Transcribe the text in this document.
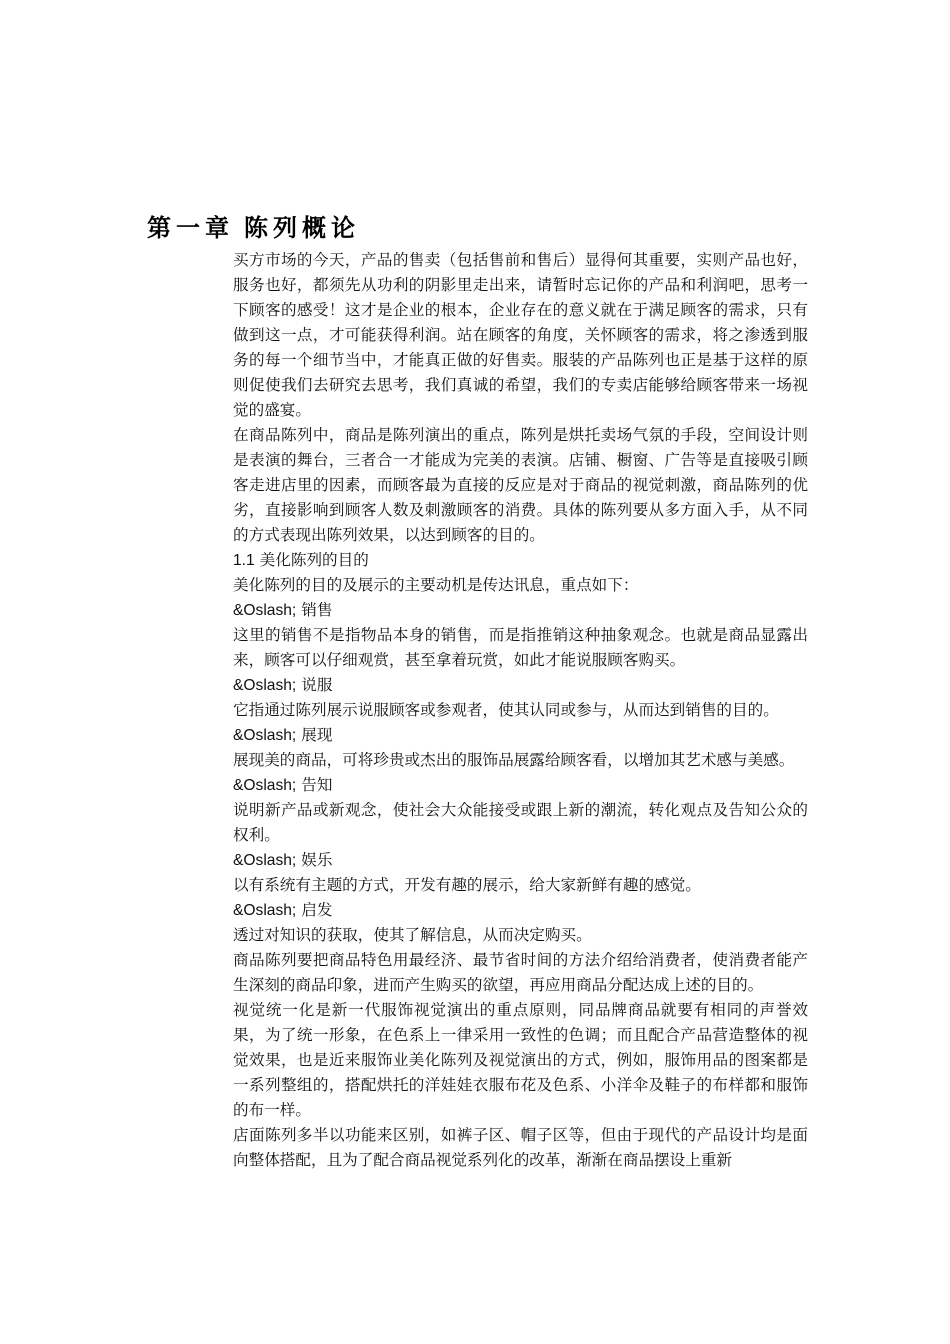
第一章 陈列概论

买方市场的今天，产品的售卖（包括售前和售后）显得何其重要，实则产品也好，服务也好，都须先从功利的阴影里走出来，请暂时忘记你的产品和利润吧，思考一下顾客的感受！这才是企业的根本，企业存在的意义就在于满足顾客的需求，只有做到这一点，才可能获得利润。站在顾客的角度，关怀顾客的需求，将之渗透到服务的每一个细节当中，才能真正做的好售卖。服装的产品陈列也正是基于这样的原则促使我们去研究去思考，我们真诚的希望，我们的专卖店能够给顾客带来一场视觉的盛宴。

在商品陈列中，商品是陈列演出的重点，陈列是烘托卖场气氛的手段，空间设计则是表演的舞台，三者合一才能成为完美的表演。店铺、橱窗、广告等是直接吸引顾客走进店里的因素，而顾客最为直接的反应是对于商品的视觉刺激，商品陈列的优劣，直接影响到顾客人数及刺激顾客的消费。具体的陈列要从多方面入手，从不同的方式表现出陈列效果，以达到顾客的目的。

1.1 美化陈列的目的

美化陈列的目的及展示的主要动机是传达讯息，重点如下：

&Oslash; 销售

这里的销售不是指物品本身的销售，而是指推销这种抽象观念。也就是商品显露出来，顾客可以仔细观赏，甚至拿着玩赏，如此才能说服顾客购买。

&Oslash; 说服

它指通过陈列展示说服顾客或参观者，使其认同或参与，从而达到销售的目的。

&Oslash; 展现

展现美的商品，可将珍贵或杰出的服饰品展露给顾客看，以增加其艺术感与美感。

&Oslash; 告知

说明新产品或新观念，使社会大众能接受或跟上新的潮流，转化观点及告知公众的权利。

&Oslash; 娱乐

以有系统有主题的方式，开发有趣的展示，给大家新鲜有趣的感觉。

&Oslash; 启发

透过对知识的获取，使其了解信息，从而决定购买。

商品陈列要把商品特色用最经济、最节省时间的方法介绍给消费者，使消费者能产生深刻的商品印象，进而产生购买的欲望，再应用商品分配达成上述的目的。

视觉统一化是新一代服饰视觉演出的重点原则，同品牌商品就要有相同的声誉效果，为了统一形象，在色系上一律采用一致性的色调；而且配合产品营造整体的视觉效果，也是近来服饰业美化陈列及视觉演出的方式，例如，服饰用品的图案都是一系列整组的，搭配烘托的洋娃娃衣服布花及色系、小洋伞及鞋子的布样都和服饰的布一样。

店面陈列多半以功能来区别，如裤子区、帽子区等，但由于现代的产品设计均是面向整体搭配，且为了配合商品视觉系列化的改革，渐渐在商品摆设上重新
